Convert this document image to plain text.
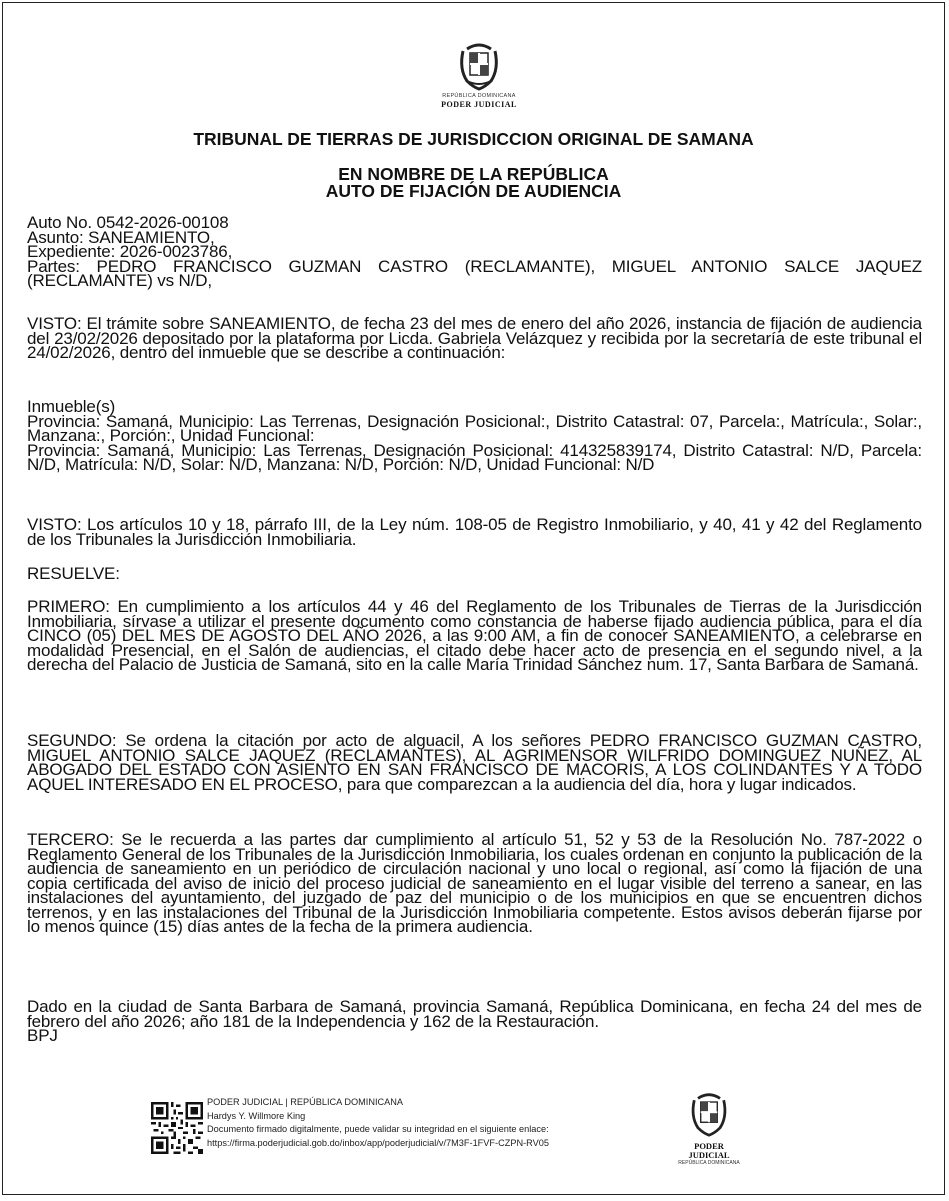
REPÚBLICA DOMINICANA
PODER JUDICIAL
TRIBUNAL DE TIERRAS DE JURISDICCION ORIGINAL DE SAMANA
EN NOMBRE DE LA REPÚBLICA
AUTO DE FIJACIÓN DE AUDIENCIA
Auto No. 0542-2026-00108
Asunto: SANEAMIENTO,
Expediente: 2026-0023786,
Partes: PEDRO FRANCISCO GUZMAN CASTRO (RECLAMANTE), MIGUEL ANTONIO SALCE JAQUEZ (RECLAMANTE) vs N/D,
VISTO: El trámite sobre SANEAMIENTO, de fecha 23 del mes de enero del año 2026, instancia de fijación de audiencia del 23/02/2026 depositado por la plataforma por Licda. Gabriela Velázquez y recibida por la secretaría de este tribunal el 24/02/2026, dentro del inmueble que se describe a continuación:
Inmueble(s)
Provincia: Samaná, Municipio: Las Terrenas, Designación Posicional:, Distrito Catastral: 07, Parcela:, Matrícula:, Solar:, Manzana:, Porción:, Unidad Funcional:
Provincia: Samaná, Municipio: Las Terrenas, Designación Posicional: 414325839174, Distrito Catastral: N/D, Parcela: N/D, Matrícula: N/D, Solar: N/D, Manzana: N/D, Porción: N/D, Unidad Funcional: N/D
VISTO: Los artículos 10 y 18, párrafo III, de la Ley núm. 108-05 de Registro Inmobiliario, y 40, 41 y 42 del Reglamento de los Tribunales la Jurisdicción Inmobiliaria.
RESUELVE:
PRIMERO: En cumplimiento a los artículos 44 y 46 del Reglamento de los Tribunales de Tierras de la Jurisdicción Inmobiliaria, sírvase a utilizar el presente documento como constancia de haberse fijado audiencia pública, para el día CINCO (05) DEL MES DE AGOSTO DEL AÑO 2026, a las 9:00 AM, a fin de conocer SANEAMIENTO, a celebrarse en modalidad Presencial, en el Salón de audiencias, el citado debe hacer acto de presencia en el segundo nivel, a la derecha del Palacio de Justicia de Samaná, sito en la calle María Trinidad Sánchez num. 17, Santa Barbara de Samaná.
SEGUNDO: Se ordena la citación por acto de alguacil, A los señores PEDRO FRANCISCO GUZMAN CASTRO, MIGUEL ANTONIO SALCE JAQUEZ (RECLAMANTES), AL AGRIMENSOR WILFRIDO DOMINGUEZ NUÑEZ, AL ABOGADO DEL ESTADO CON ASIENTO EN SAN FRANCISCO DE MACORÍS, A LOS COLINDANTES Y A TODO AQUEL INTERESADO EN EL PROCESO, para que comparezcan a la audiencia del día, hora y lugar indicados.
TERCERO: Se le recuerda a las partes dar cumplimiento al artículo 51, 52 y 53 de la Resolución No. 787-2022 o Reglamento General de los Tribunales de la Jurisdicción Inmobiliaria, los cuales ordenan en conjunto la publicación de la audiencia de saneamiento en un periódico de circulación nacional y uno local o regional, así como la fijación de una copia certificada del aviso de inicio del proceso judicial de saneamiento en el lugar visible del terreno a sanear, en las instalaciones del ayuntamiento, del juzgado de paz del municipio o de los municipios en que se encuentren dichos terrenos, y en las instalaciones del Tribunal de la Jurisdicción Inmobiliaria competente. Estos avisos deberán fijarse por lo menos quince (15) días antes de la fecha de la primera audiencia.
Dado en la ciudad de Santa Barbara de Samaná, provincia Samaná, República Dominicana, en fecha 24 del mes de febrero del año 2026; año 181 de la Independencia y 162 de la Restauración.
BPJ
PODER JUDICIAL | REPÚBLICA DOMINICANA
Hardys Y. Willmore King
Documento firmado digitalmente, puede validar su integridad en el siguiente enlace:
https://firma.poderjudicial.gob.do/inbox/app/poderjudicial/v/7M3F-1FVF-CZPN-RV05	PODER JUDICIAL
REPÚBLICA DOMINICANA
